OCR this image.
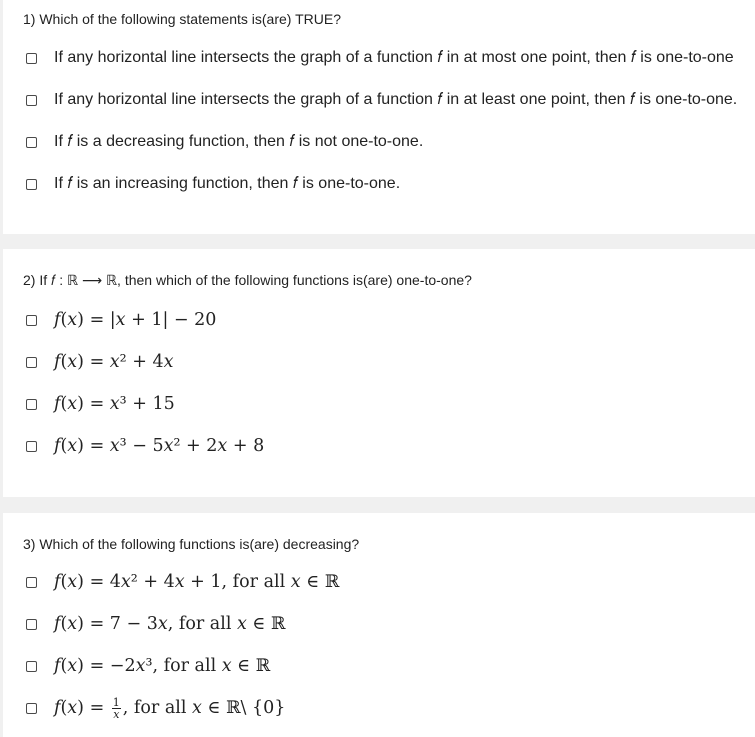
1) Which of the following statements is(are) TRUE?
If any horizontal line intersects the graph of a function 𝑓 in at most one point, then 𝑓 is one-to-one
If any horizontal line intersects the graph of a function 𝑓 in at least one point, then 𝑓 is one-to-one.
If 𝑓 is a decreasing function, then 𝑓 is not one-to-one.
If 𝑓 is an increasing function, then 𝑓 is one-to-one.
2) If 𝑓 : ℝ ⟶ ℝ, then which of the following functions is(are) one-to-one?
𝑓(𝑥) = |𝑥 + 1| − 20
𝑓(𝑥) = 𝑥² + 4𝑥
𝑓(𝑥) = 𝑥³ + 15
𝑓(𝑥) = 𝑥³ − 5𝑥² + 2𝑥 + 8
3) Which of the following functions is(are) decreasing?
𝑓(𝑥) = 4𝑥² + 4𝑥 + 1, for all 𝑥 ∈ ℝ
𝑓(𝑥) = 7 − 3𝑥, for all 𝑥 ∈ ℝ
𝑓(𝑥) = −2𝑥³, for all 𝑥 ∈ ℝ
𝑓(𝑥) = $\frac{1}{\text{𝑥}}$ , for all 𝑥 ∈ ℝ\ {0}
